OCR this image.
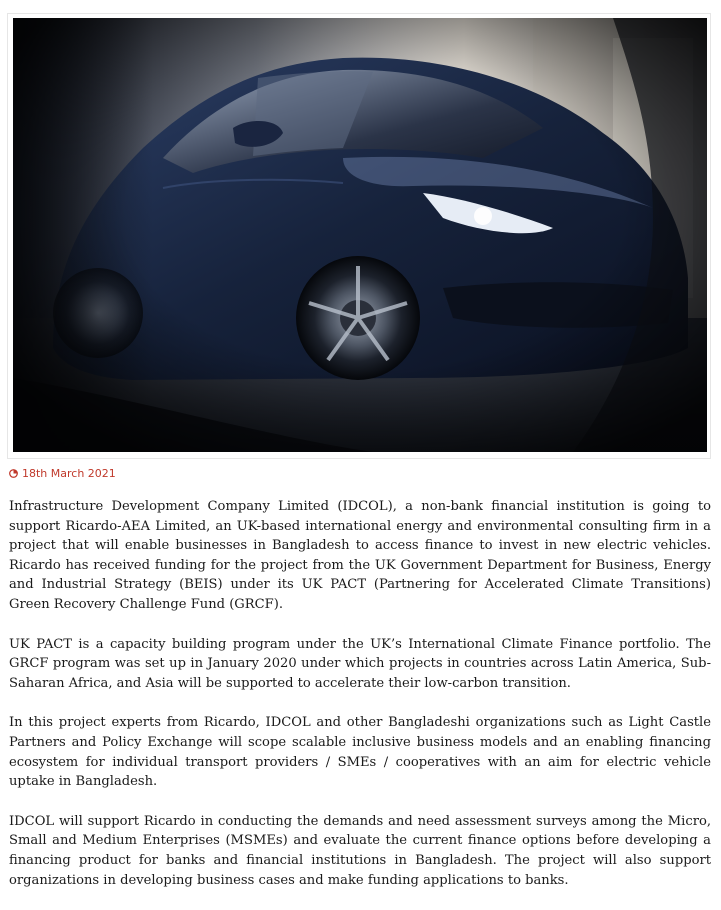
18th March 2021

Infrastructure Development Company Limited (IDCOL), a non-bank financial institution is going to support Ricardo-AEA Limited, an UK-based international energy and environmental consulting firm in a project that will enable businesses in Bangladesh to access finance to invest in new electric vehicles. Ricardo has received funding for the project from the UK Government Department for Business, Energy and Industrial Strategy (BEIS) under its UK PACT (Partnering for Accelerated Climate Transitions) Green Recovery Challenge Fund (GRCF).

UK PACT is a capacity building program under the UK’s International Climate Finance portfolio. The GRCF program was set up in January 2020 under which projects in countries across Latin America, Sub-Saharan Africa, and Asia will be supported to accelerate their low-carbon transition.

In this project experts from Ricardo, IDCOL and other Bangladeshi organizations such as Light Castle Partners and Policy Exchange will scope scalable inclusive business models and an enabling financing ecosystem for individual transport providers / SMEs / cooperatives with an aim for electric vehicle uptake in Bangladesh.

IDCOL will support Ricardo in conducting the demands and need assessment surveys among the Micro, Small and Medium Enterprises (MSMEs) and evaluate the current finance options before developing a financing product for banks and financial institutions in Bangladesh. The project will also support organizations in developing business cases and make funding applications to banks.
